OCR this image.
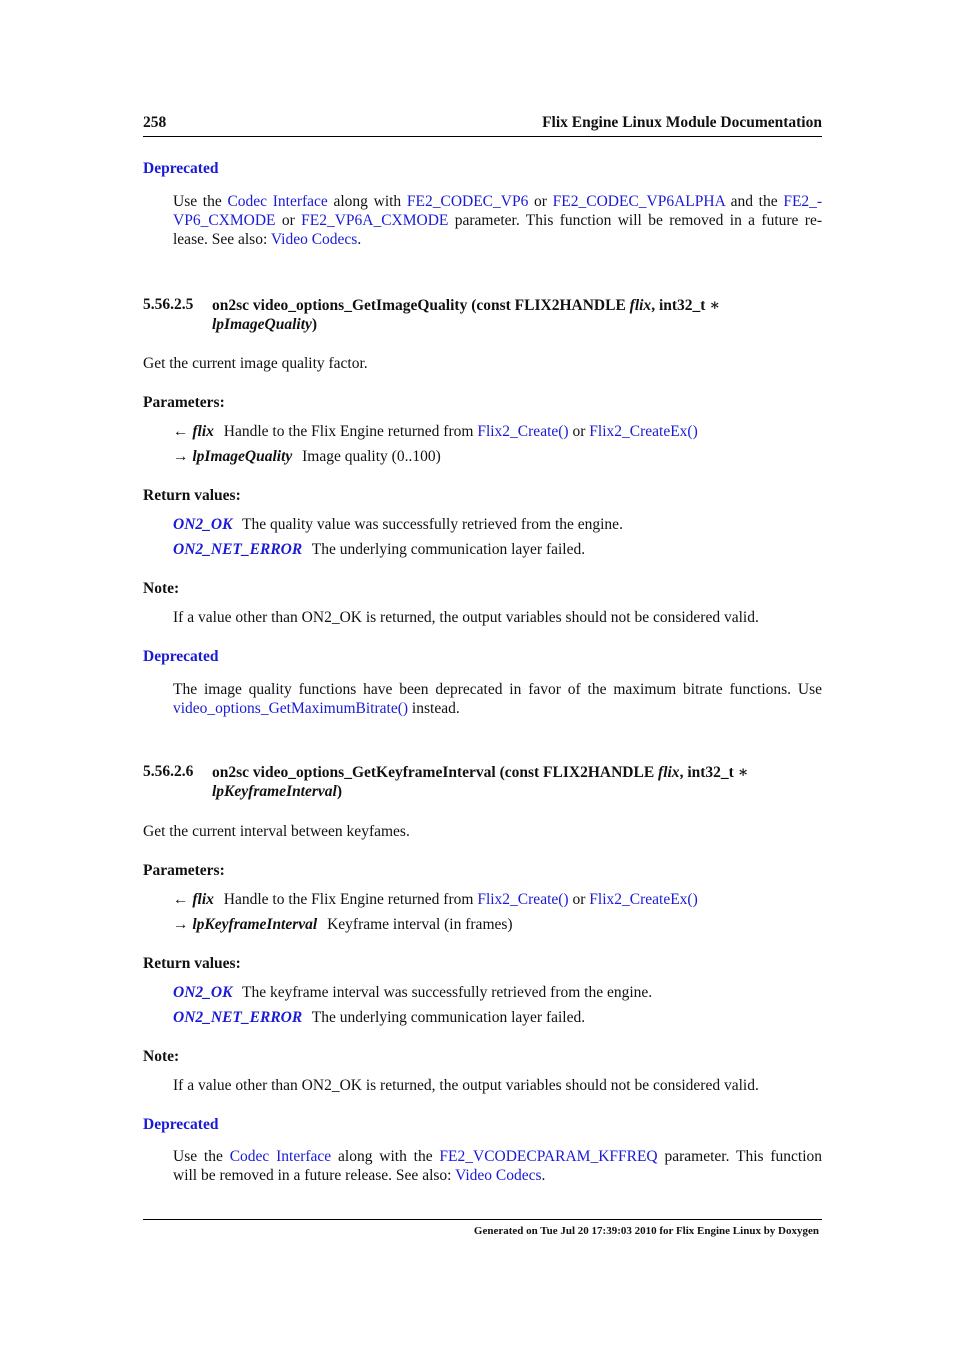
258	Flix Engine Linux Module Documentation
Deprecated
Use the Codec Interface along with FE2_CODEC_VP6 or FE2_CODEC_VP6ALPHA and the FE2_-
VP6_CXMODE or FE2_VP6A_CXMODE parameter. This function will be removed in a future re-
lease. See also: Video Codecs.
5.56.2.5 on2sc video_options_GetImageQuality (const FLIX2HANDLE flix, int32_t ∗
lpImageQuality)
Get the current image quality factor.
Parameters:
← flix Handle to the Flix Engine returned from Flix2_Create() or Flix2_CreateEx()
→ lpImageQuality Image quality (0..100)
Return values:
ON2_OK The quality value was successfully retrieved from the engine.
ON2_NET_ERROR The underlying communication layer failed.
Note:
If a value other than ON2_OK is returned, the output variables should not be considered valid.
Deprecated
The image quality functions have been deprecated in favor of the maximum bitrate functions. Use
video_options_GetMaximumBitrate() instead.
5.56.2.6 on2sc video_options_GetKeyframeInterval (const FLIX2HANDLE flix, int32_t ∗
lpKeyframeInterval)
Get the current interval between keyfames.
Parameters:
← flix Handle to the Flix Engine returned from Flix2_Create() or Flix2_CreateEx()
→ lpKeyframeInterval Keyframe interval (in frames)
Return values:
ON2_OK The keyframe interval was successfully retrieved from the engine.
ON2_NET_ERROR The underlying communication layer failed.
Note:
If a value other than ON2_OK is returned, the output variables should not be considered valid.
Deprecated
Use the Codec Interface along with the FE2_VCODECPARAM_KFFREQ parameter. This function
will be removed in a future release. See also: Video Codecs.
Generated on Tue Jul 20 17:39:03 2010 for Flix Engine Linux by Doxygen
